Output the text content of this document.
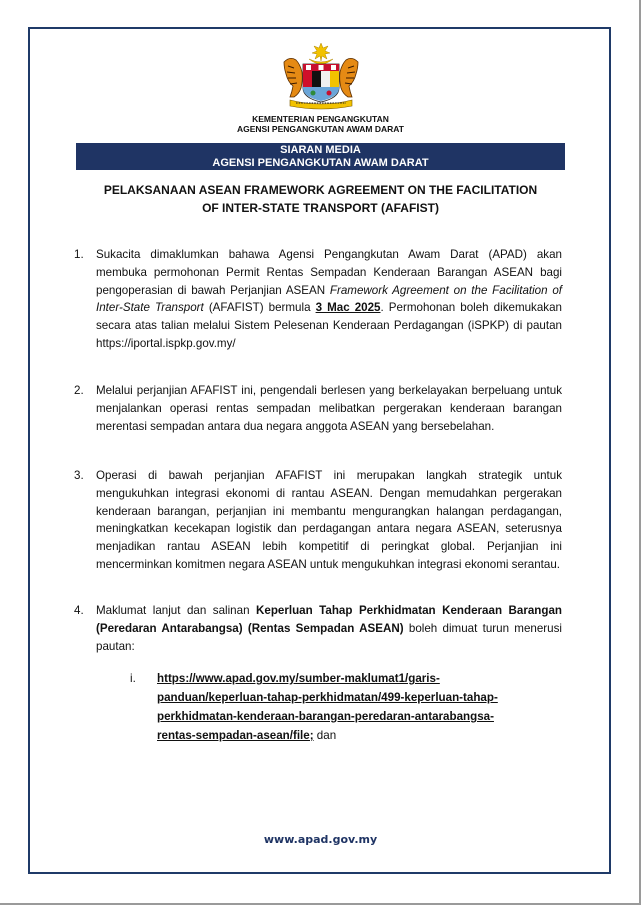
KEMENTERIAN PENGANGKUTAN
AGENSI PENGANGKUTAN AWAM DARAT
SIARAN MEDIA
AGENSI PENGANGKUTAN AWAM DARAT
PELAKSANAAN ASEAN FRAMEWORK AGREEMENT ON THE FACILITATION
OF INTER-STATE TRANSPORT (AFAFIST)
1.	Sukacita dimaklumkan bahawa Agensi Pengangkutan Awam Darat (APAD) akan membuka permohonan Permit Rentas Sempadan Kenderaan Barangan ASEAN bagi pengoperasian di bawah Perjanjian ASEAN Framework Agreement on the Facilitation of Inter-State Transport (AFAFIST) bermula 3 Mac 2025. Permohonan boleh dikemukakan secara atas talian melalui Sistem Pelesenan Kenderaan Perdagangan (iSPKP) di pautan https://iportal.ispkp.gov.my/
2.	Melalui perjanjian AFAFIST ini, pengendali berlesen yang berkelayakan berpeluang untuk menjalankan operasi rentas sempadan melibatkan pergerakan kenderaan barangan merentasi sempadan antara dua negara anggota ASEAN yang bersebelahan.
3.	Operasi di bawah perjanjian AFAFIST ini merupakan langkah strategik untuk mengukuhkan integrasi ekonomi di rantau ASEAN. Dengan memudahkan pergerakan kenderaan barangan, perjanjian ini membantu mengurangkan halangan perdagangan, meningkatkan kecekapan logistik dan perdagangan antara negara ASEAN, seterusnya menjadikan rantau ASEAN lebih kompetitif di peringkat global. Perjanjian ini mencerminkan komitmen negara ASEAN untuk mengukuhkan integrasi ekonomi serantau.
4.	Maklumat lanjut dan salinan Keperluan Tahap Perkhidmatan Kenderaan Barangan (Peredaran Antarabangsa) (Rentas Sempadan ASEAN) boleh dimuat turun menerusi pautan:
i. https://www.apad.gov.my/sumber-maklumat1/garis-
panduan/keperluan-tahap-perkhidmatan/499-keperluan-tahap-
perkhidmatan-kenderaan-barangan-peredaran-antarabangsa-
rentas-sempadan-asean/file; dan
www.apad.gov.my
